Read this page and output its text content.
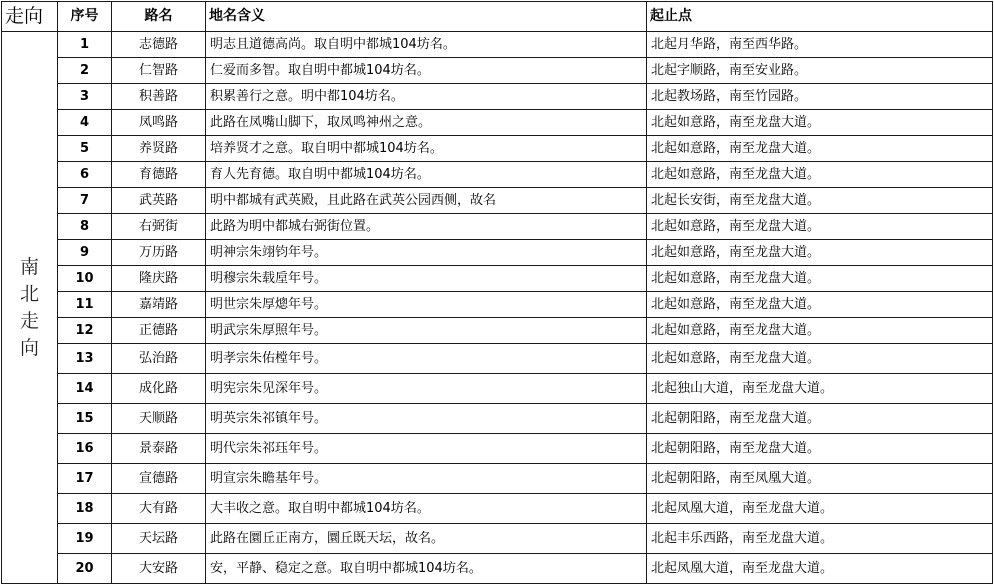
走向	序号	路名	地名含义	起止点
南北走向	1	志德路	明志且道德高尚。取自明中都城104坊名。	北起月华路，南至西华路。
	2	仁智路	仁爱而多智。取自明中都城104坊名。	北起字顺路，南至安业路。
	3	积善路	积累善行之意。明中都104坊名。	北起教场路，南至竹园路。
	4	凤鸣路	此路在凤嘴山脚下，取凤鸣神州之意。	北起如意路，南至龙盘大道。
	5	养贤路	培养贤才之意。取自明中都城104坊名。	北起如意路，南至龙盘大道。
	6	育德路	育人先育德。取自明中都城104坊名。	北起如意路，南至龙盘大道。
	7	武英路	明中都城有武英殿，且此路在武英公园西侧，故名	北起长安街，南至龙盘大道。
	8	右弼街	此路为明中都城右弼街位置。	北起如意路，南至龙盘大道。
	9	万历路	明神宗朱翊钧年号。	北起如意路，南至龙盘大道。
	10	隆庆路	明穆宗朱载垕年号。	北起如意路，南至龙盘大道。
	11	嘉靖路	明世宗朱厚熜年号。	北起如意路，南至龙盘大道。
	12	正德路	明武宗朱厚照年号。	北起如意路，南至龙盘大道。
	13	弘治路	明孝宗朱佑樘年号。	北起如意路，南至龙盘大道。
	14	成化路	明宪宗朱见深年号。	北起独山大道，南至龙盘大道。
	15	天顺路	明英宗朱祁镇年号。	北起朝阳路，南至龙盘大道。
	16	景泰路	明代宗朱祁珏年号。	北起朝阳路，南至龙盘大道。
	17	宣德路	明宣宗朱瞻基年号。	北起朝阳路，南至凤凰大道。
	18	大有路	大丰收之意。取自明中都城104坊名。	北起凤凰大道，南至龙盘大道。
	19	天坛路	此路在圜丘正南方，圜丘既天坛，故名。	北起丰乐西路，南至龙盘大道。
	20	大安路	安，平静、稳定之意。取自明中都城104坊名。	北起凤凰大道，南至龙盘大道。
